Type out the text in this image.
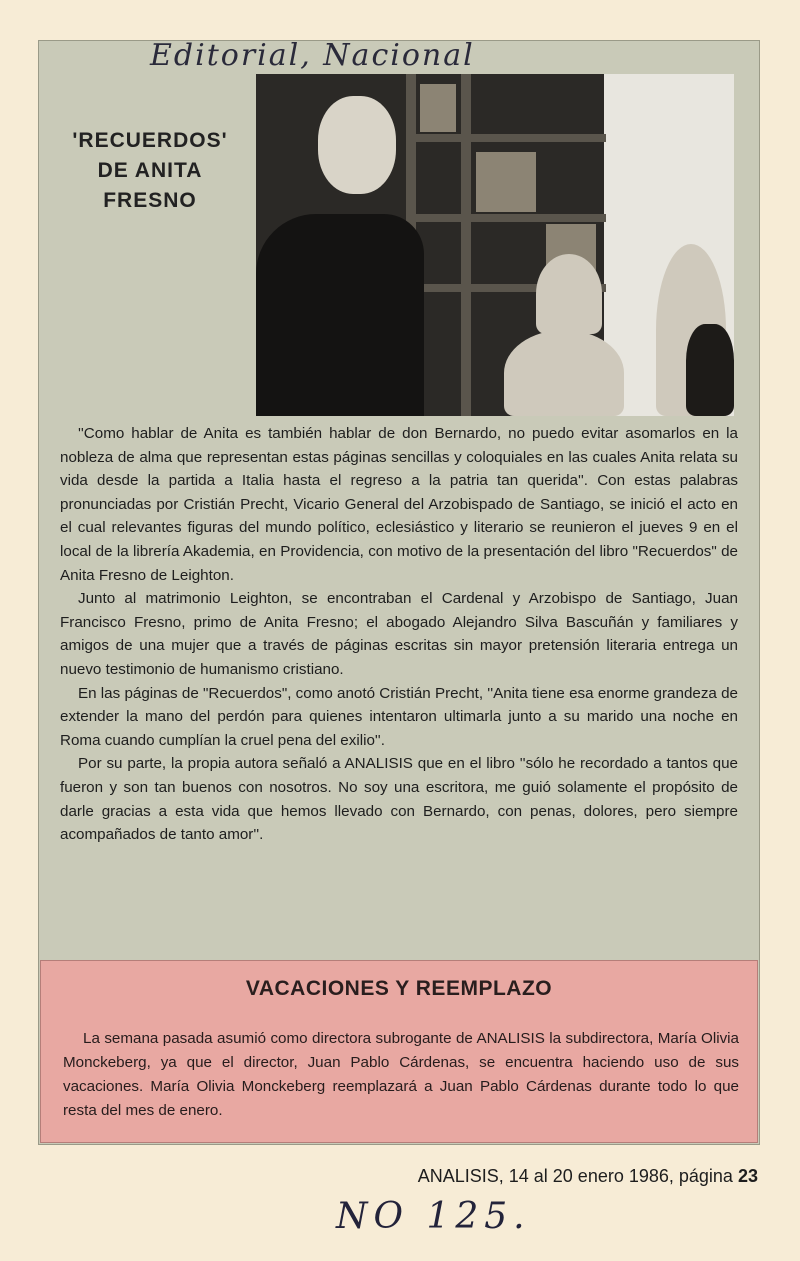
Editorial, Nacional
'RECUERDOS'
DE ANITA
FRESNO

''Como hablar de Anita es también hablar de don Bernardo, no puedo evitar asomarlos en la nobleza de alma que representan estas páginas sencillas y coloquiales en las cuales Anita relata su vida desde la partida a Italia hasta el regreso a la patria tan querida''. Con estas palabras pronunciadas por Cristián Precht, Vicario General del Arzobispado de Santiago, se inició el acto en el cual relevantes figuras del mundo político, eclesiástico y literario se reunieron el jueves 9 en el local de la librería Akademia, en Providencia, con motivo de la presentación del libro "Recuerdos" de Anita Fresno de Leighton.

Junto al matrimonio Leighton, se encontraban el Cardenal y Arzobispo de Santiago, Juan Francisco Fresno, primo de Anita Fresno; el abogado Alejandro Silva Bascuñán y familiares y amigos de una mujer que a través de páginas escritas sin mayor pretensión literaria entrega un nuevo testimonio de humanismo cristiano.

En las páginas de "Recuerdos", como anotó Cristián Precht, ''Anita tiene esa enorme grandeza de extender la mano del perdón para quienes intentaron ultimarla junto a su marido una noche en Roma cuando cumplían la cruel pena del exilio''.

Por su parte, la propia autora señaló a ANALISIS que en el libro ''sólo he recordado a tantos que fueron y son tan buenos con nosotros. No soy una escritora, me guió solamente el propósito de darle gracias a esta vida que hemos llevado con Bernardo, con penas, dolores, pero siempre acompañados de tanto amor''.

VACACIONES Y REEMPLAZO

La semana pasada asumió como directora subrogante de ANALISIS la subdirectora, María Olivia Monckeberg, ya que el director, Juan Pablo Cárdenas, se encuentra haciendo uso de sus vacaciones. María Olivia Monckeberg reemplazará a Juan Pablo Cárdenas durante todo lo que resta del mes de enero.

ANALISIS, 14 al 20 enero 1986, página 23
NO 125.
